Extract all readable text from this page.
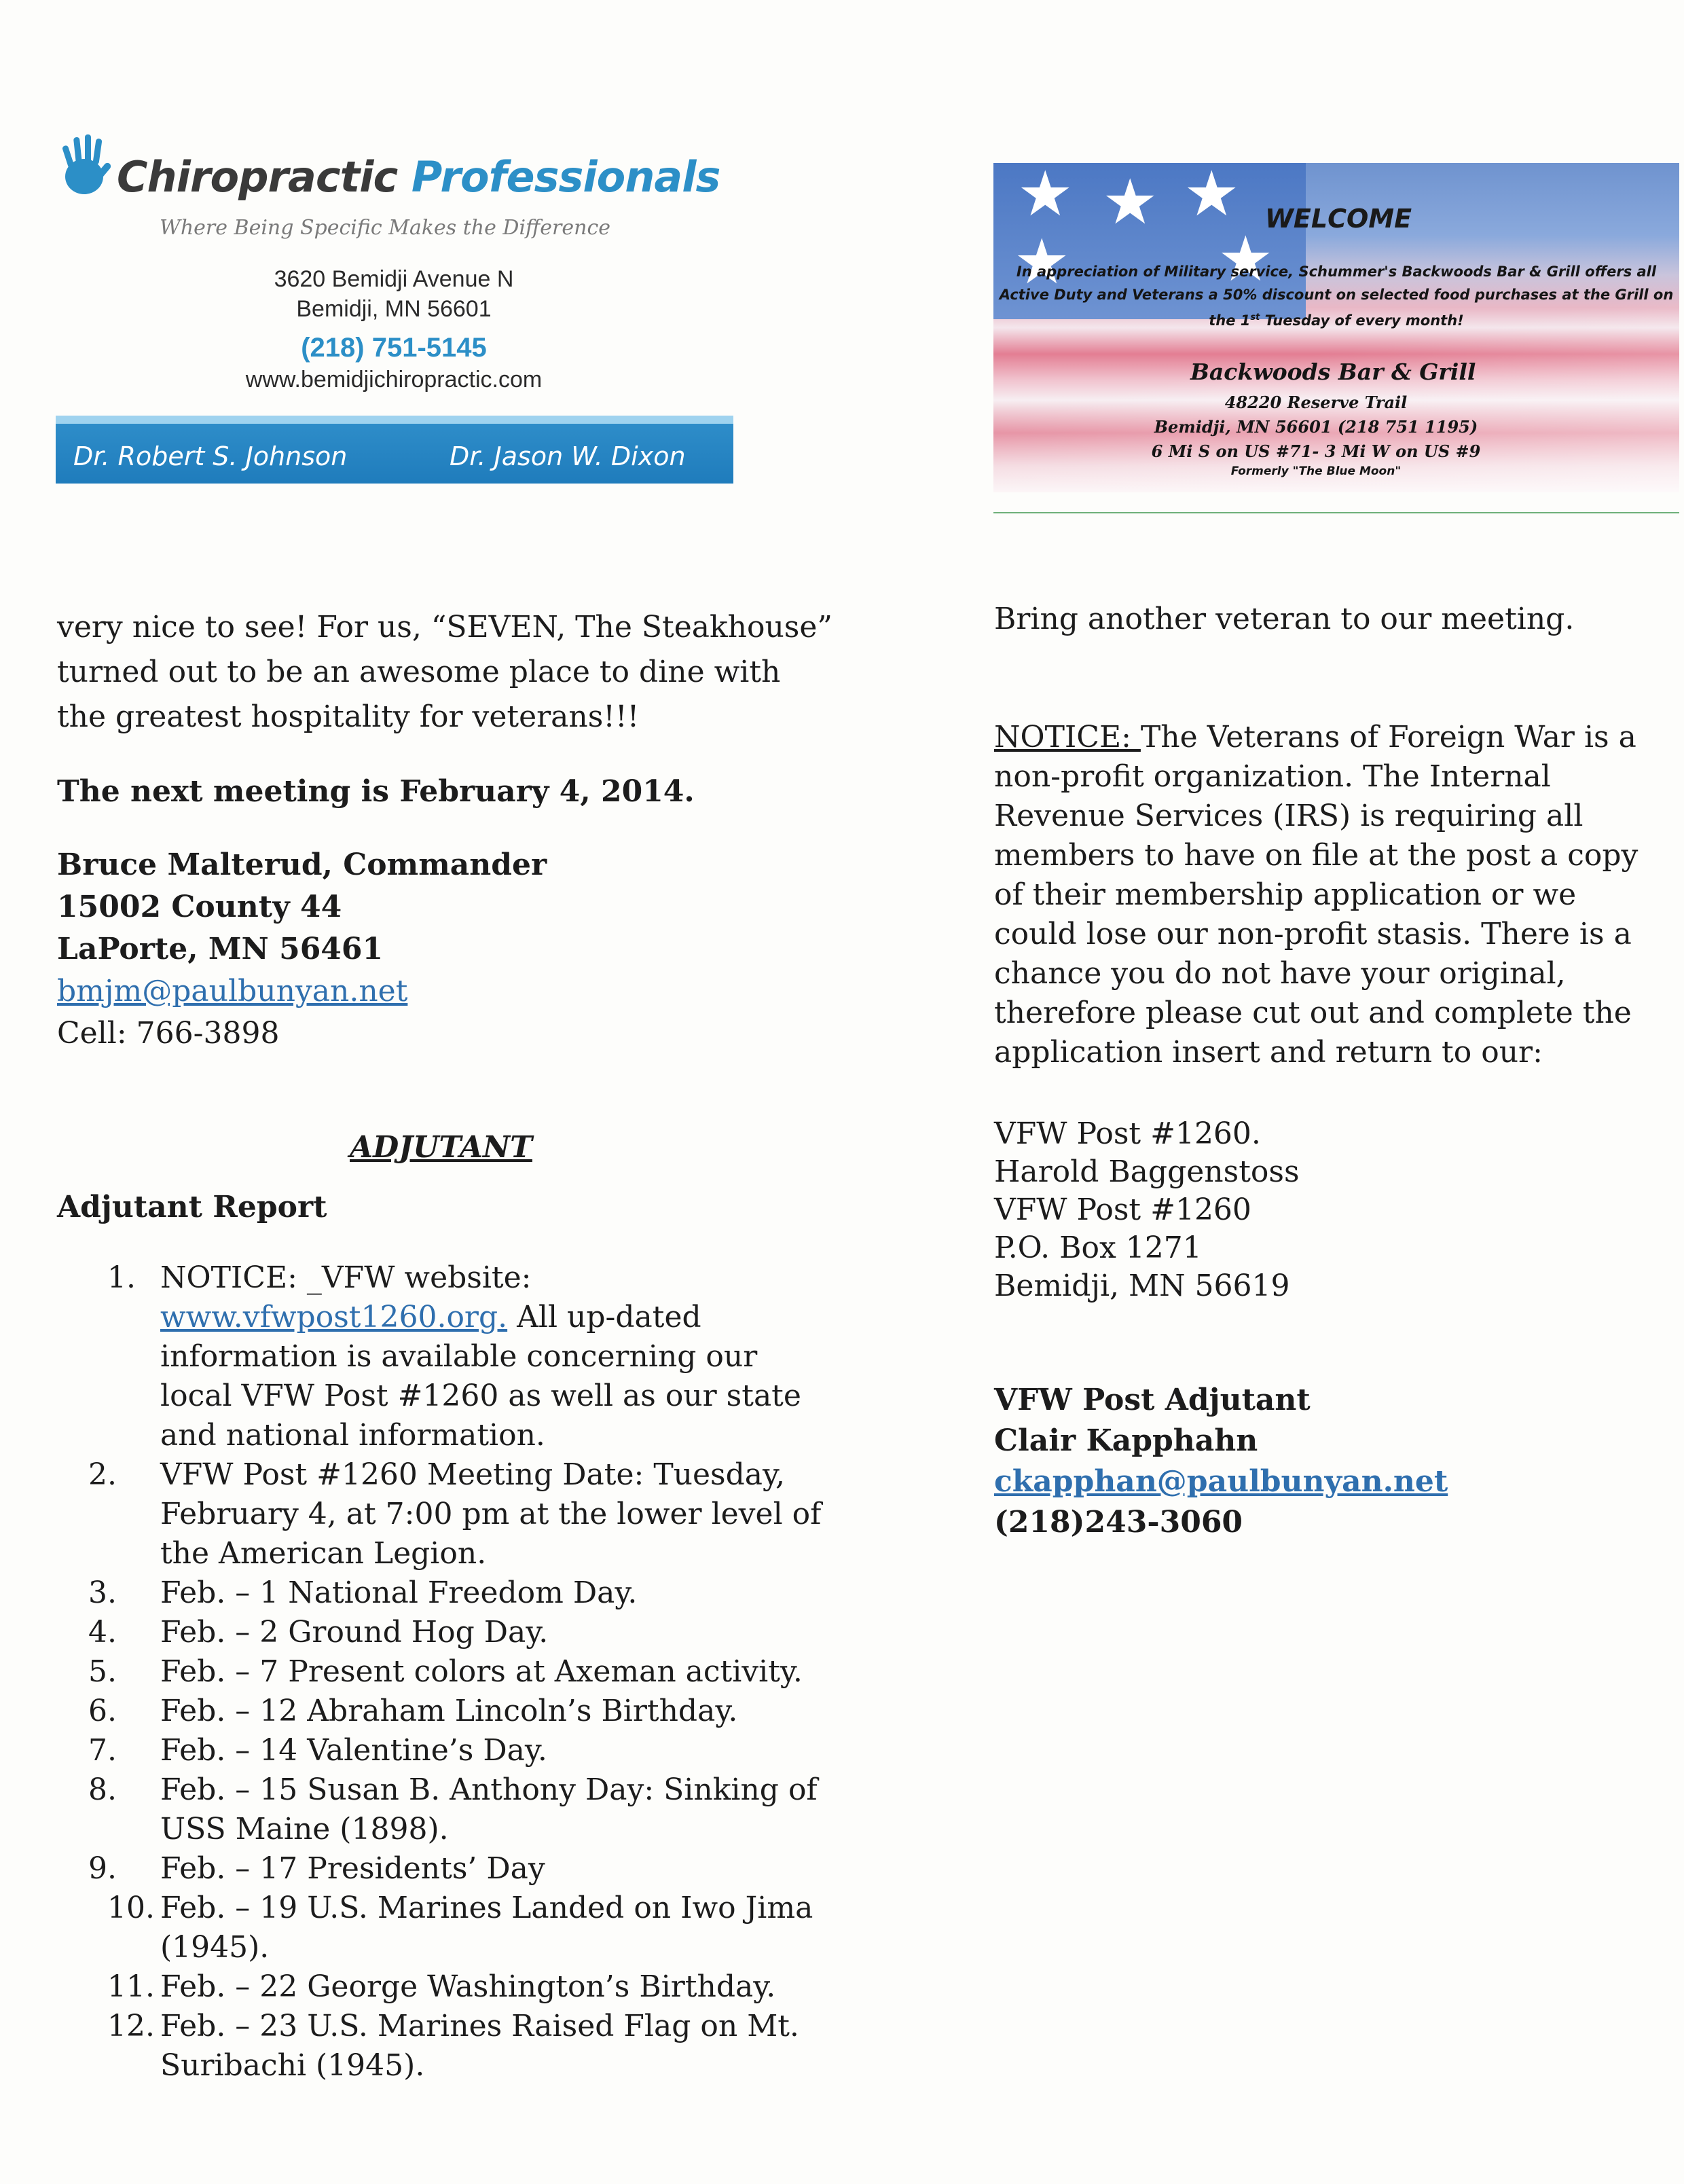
Chiropractic Professionals
Where Being Specific Makes the Difference
3620 Bemidji Avenue N
Bemidji, MN 56601
(218) 751-5145
www.bemidjichiropractic.com
Dr. Robert S. Johnson	Dr. Jason W. Dixon
★ ★ ★
★ ★
WELCOME
In appreciation of Military service, Schummer's Backwoods Bar & Grill offers all
Active Duty and Veterans a 50% discount on selected food purchases at the Grill on
the 1st Tuesday of every month!
Backwoods Bar & Grill
48220 Reserve Trail
Bemidji, MN 56601 (218 751 1195)
6 Mi S on US #71- 3 Mi W on US #9
Formerly "The Blue Moon"
very nice to see! For us, “SEVEN, The Steakhouse”
turned out to be an awesome place to dine with
the greatest hospitality for veterans!!!
The next meeting is February 4, 2014.
Bruce Malterud, Commander
15002 County 44
LaPorte, MN 56461
bmjm@paulbunyan.net
Cell: 766-3898
ADJUTANT
Adjutant Report
1. NOTICE: _VFW website:
www.vfwpost1260.org. All up-dated
information is available concerning our
local VFW Post #1260 as well as our state
and national information.
2. VFW Post #1260 Meeting Date: Tuesday,
February 4, at 7:00 pm at the lower level of
the American Legion.
3. Feb. – 1 National Freedom Day.
4. Feb. – 2 Ground Hog Day.
5. Feb. – 7 Present colors at Axeman activity.
6. Feb. – 12 Abraham Lincoln’s Birthday.
7. Feb. – 14 Valentine’s Day.
8. Feb. – 15 Susan B. Anthony Day: Sinking of
USS Maine (1898).
9. Feb. – 17 Presidents’ Day
10. Feb. – 19 U.S. Marines Landed on Iwo Jima
(1945).
11. Feb. – 22 George Washington’s Birthday.
12. Feb. – 23 U.S. Marines Raised Flag on Mt.
Suribachi (1945).
Bring another veteran to our meeting.
NOTICE: The Veterans of Foreign War is a
non-profit organization. The Internal
Revenue Services (IRS) is requiring all
members to have on file at the post a copy
of their membership application or we
could lose our non-profit stasis. There is a
chance you do not have your original,
therefore please cut out and complete the
application insert and return to our:
VFW Post #1260.
Harold Baggenstoss
VFW Post #1260
P.O. Box 1271
Bemidji, MN 56619
VFW Post Adjutant
Clair Kapphahn
ckapphan@paulbunyan.net
(218)243-3060
